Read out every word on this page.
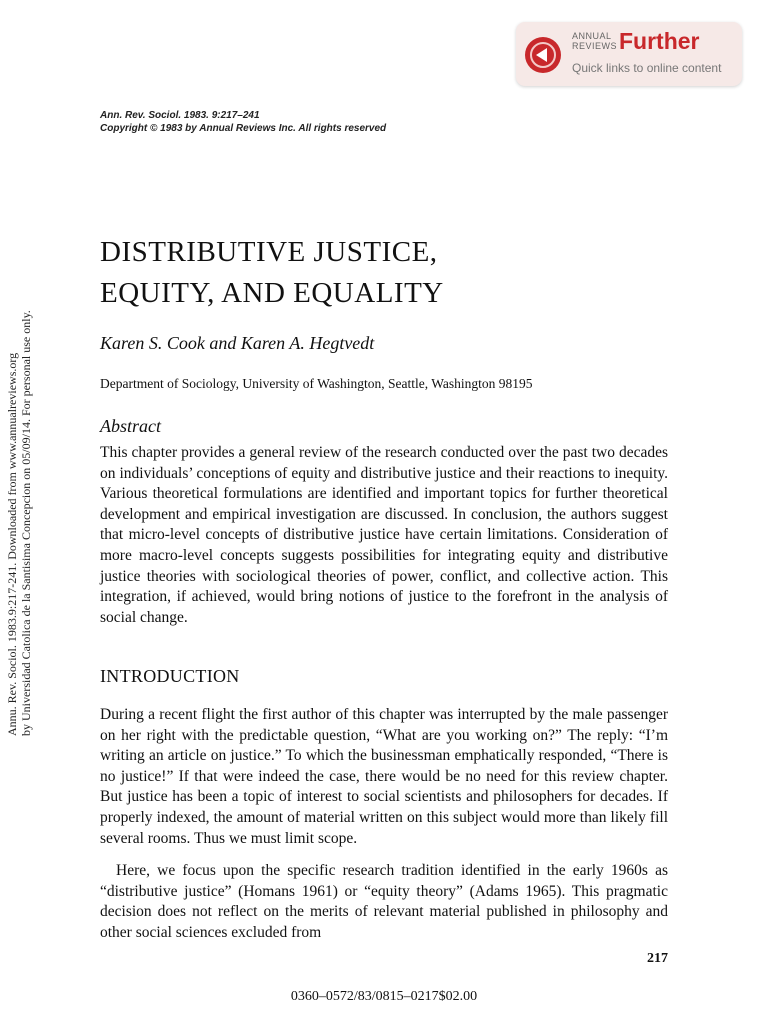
ANNUAL
REVIEWS Further
Quick links to online content
Ann. Rev. Sociol. 1983. 9:217–241
Copyright © 1983 by Annual Reviews Inc. All rights reserved
Annu. Rev. Sociol. 1983.9:217-241. Downloaded from www.annualreviews.org by Universidad Catolica de la Santisima Concepcion on 05/09/14. For personal use only.
DISTRIBUTIVE JUSTICE,
EQUITY, AND EQUALITY
Karen S. Cook and Karen A. Hegtvedt
Department of Sociology, University of Washington, Seattle, Washington 98195
Abstract

This chapter provides a general review of the research conducted over the past two decades on individuals’ conceptions of equity and distributive justice and their reactions to inequity. Various theoretical formulations are identified and important topics for further theoretical development and empirical investigation are discussed. In conclusion, the authors suggest that micro-level concepts of distributive justice have certain limitations. Consideration of more macro-level concepts suggests possibilities for integrating equity and distributive justice theories with sociological theories of power, conflict, and collective action. This integration, if achieved, would bring notions of justice to the forefront in the analysis of social change.

INTRODUCTION

During a recent flight the first author of this chapter was interrupted by the male passenger on her right with the predictable question, “What are you working on?” The reply: “I’m writing an article on justice.” To which the businessman emphatically responded, “There is no justice!” If that were indeed the case, there would be no need for this review chapter. But justice has been a topic of interest to social scientists and philosophers for decades. If properly indexed, the amount of material written on this subject would more than likely fill several rooms. Thus we must limit scope.

Here, we focus upon the specific research tradition identified in the early 1960s as “distributive justice” (Homans 1961) or “equity theory” (Adams 1965). This pragmatic decision does not reflect on the merits of relevant material published in philosophy and other social sciences excluded from

217
0360–0572/83/0815–0217$02.00
